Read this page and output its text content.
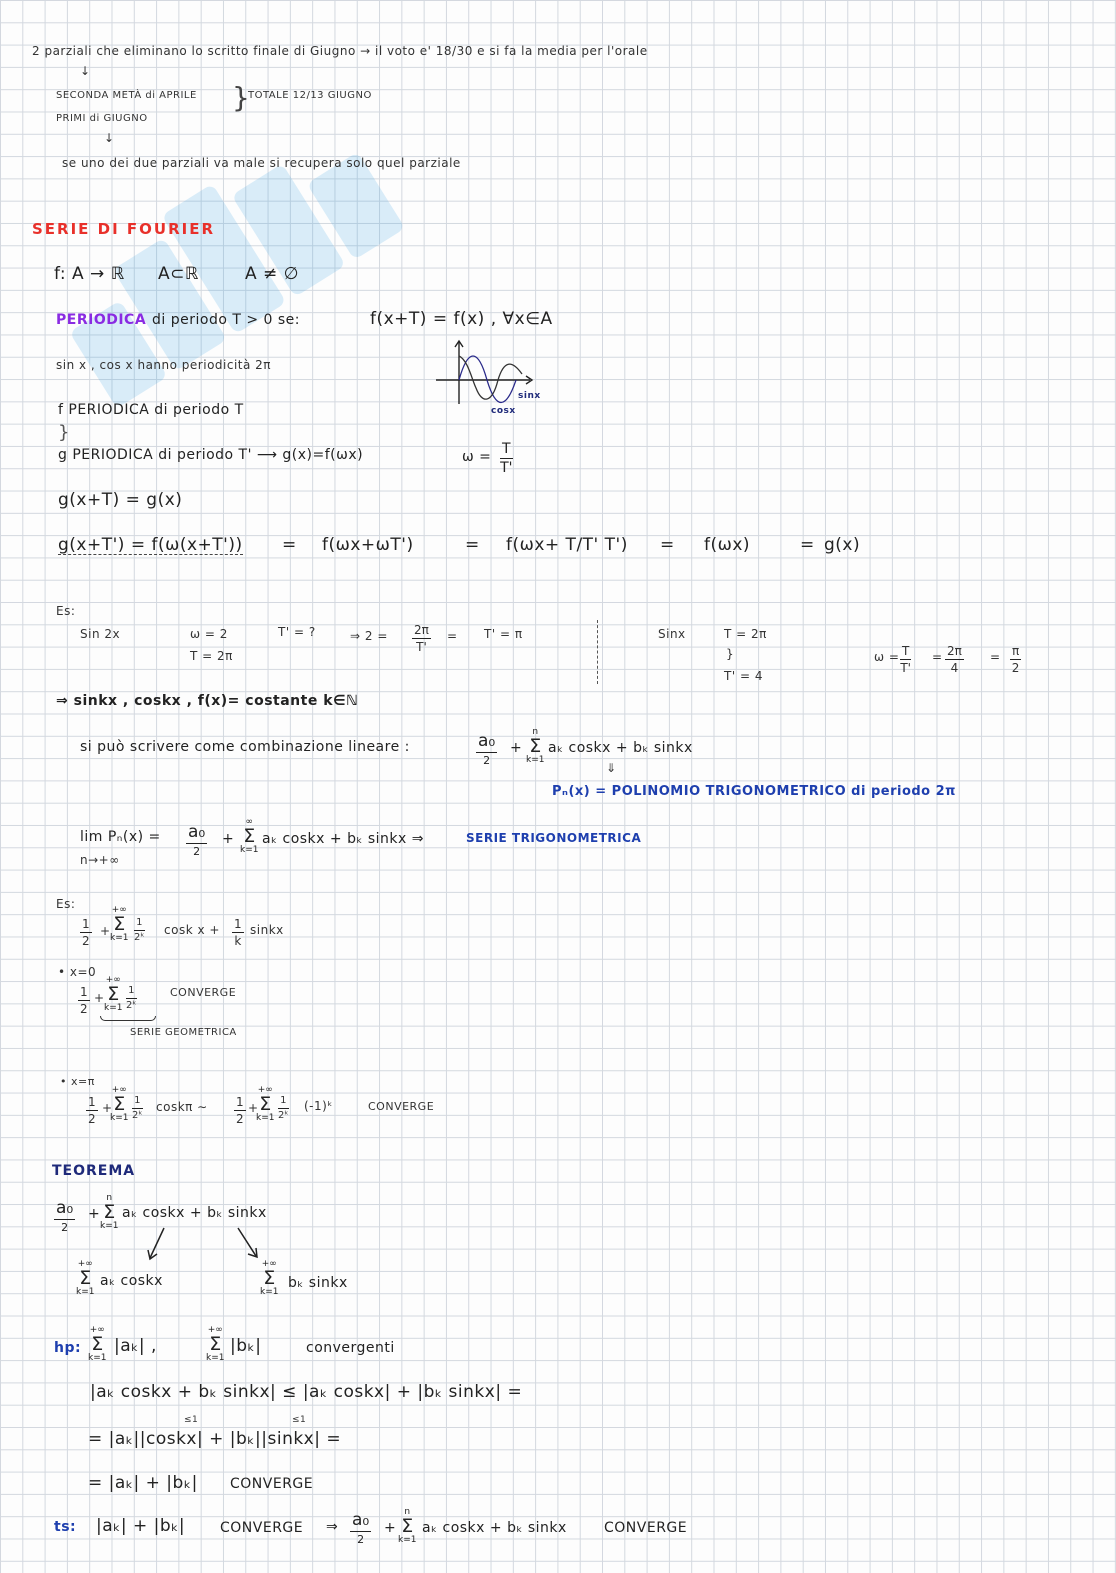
2 parziali che eliminano lo scritto finale di Giugno → il voto e' 18/30 e si fa la media per l'orale
↓
SECONDA METÀ di APRILE }
TOTALE 12/13 GIUGNO
PRIMI di GIUGNO
↓
se uno dei due parziali va male si recupera solo quel parziale
SERIE DI FOURIER
f: A → ℝ A⊂ℝ	A ≠ ∅
PERIODICA di periodo T > 0 se:	f(x+T) = f(x) , ∀x∈A
sin x , cos x hanno periodicità 2π
sinx
cosx
f PERIODICA di periodo T
}
g PERIODICA di periodo T' ⟶ g(x)=f(ωx)	$\omega = \frac{T}{T'}$
g(x+T) = g(x)
g(x+T') = f(ω(x+T')) = f(ωx+ωT')	= f(ωx+ T/T' T') = f(ωx)	= g(x)
Es:
Sin 2x	ω = 2
T = 2π
T' = ?	⇒ $2 = \frac{2\pi}{T'} = T' = \pi$	Sinx	T = 2π
}
T' = 4
$\omega = \frac{T}{T'} = \frac{2\pi}{4} = \frac{\pi}{2}$
⇒ sinkx , coskx , f(x)= costante k∈ℕ
si può scrivere come combinazione lineare :	a₀
2
+
n
Σ
k=1
aₖ coskx + bₖ sinkx
⇓
Pₙ(x) = POLINOMIO TRIGONOMETRICO di periodo 2π
lim Pₙ(x) =
n→+∞
a₀
2
+
∞
Σ
k=1
aₖ coskx + bₖ sinkx ⇒	SERIE TRIGONOMETRICA
Es:
$\frac{1}{2}$ +
+∞
Σ
$k=1 \frac{1}{\text{2ᵏ}}$ cosk $x + \frac{1}{k}$ sinkx
• x=0
$\frac{1}{2}$ +
+∞
Σ
$k=1 \frac{1}{\text{2ᵏ}}$	CONVERGE
SERIE GEOMETRICA
• x=π
$\frac{1}{2}$ +
+∞
Σ
$k=1 \frac{1}{\text{2ᵏ}}$ coskπ ∼ $\frac{1}{2}$ +
+∞
Σ
$k=1 \frac{1}{\text{2ᵏ}}$ (-1)ᵏ	CONVERGE
TEOREMA
a₀
2
+
n
Σ
k=1
aₖ coskx + bₖ sinkx
+∞
Σ
k=1
aₖ coskx
+∞
Σ
k=1
bₖ sinkx
hp:
+∞
Σ
k=1
|aₖ| ,
+∞
Σ
k=1
|bₖ|	convergenti
|aₖ coskx + bₖ sinkx| ≤ |aₖ coskx| + |bₖ sinkx| =
≤1	≤1
= |aₖ||coskx| + |bₖ||sinkx| =
= |aₖ| + |bₖ| CONVERGE
ts: |aₖ| + |bₖ| CONVERGE ⇒ a₀
2
+
n
Σ
k=1
aₖ coskx + bₖ sinkx	CONVERGE
